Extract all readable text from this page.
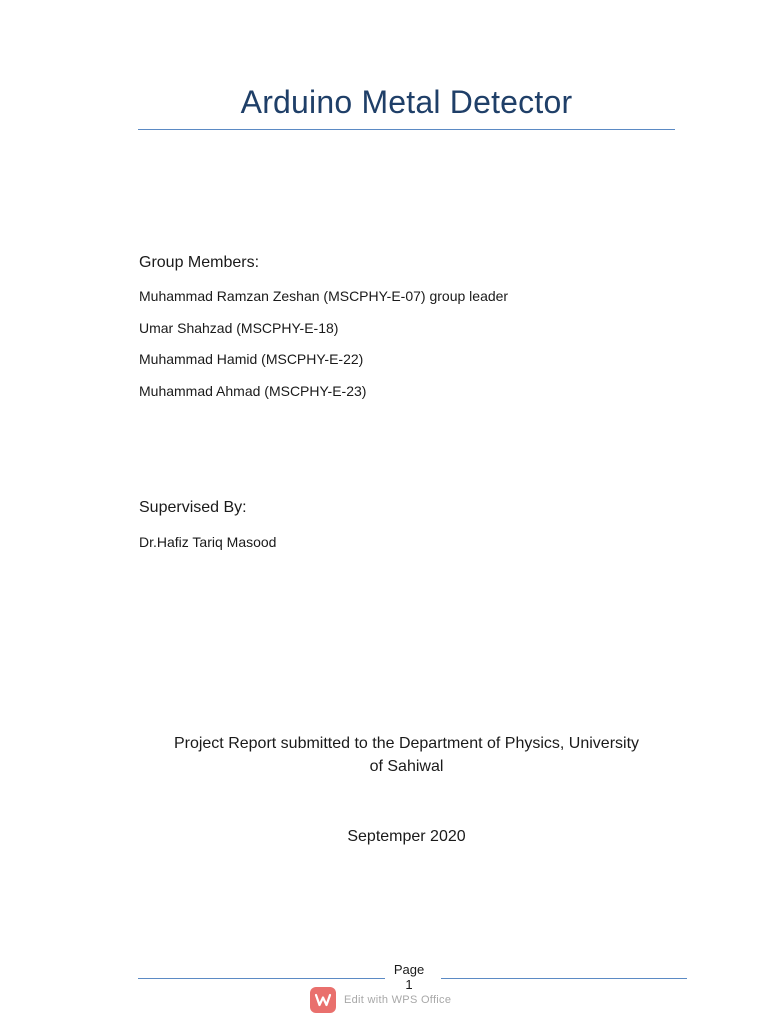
Arduino Metal Detector
Group Members:
Muhammad Ramzan Zeshan (MSCPHY-E-07) group leader
Umar Shahzad (MSCPHY-E-18)
Muhammad Hamid (MSCPHY-E-22)
Muhammad Ahmad (MSCPHY-E-23)
Supervised By:
Dr.Hafiz Tariq Masood
Project Report submitted to the Department of Physics, University
of Sahiwal
Septemper 2020
Page
1
Edit with WPS Office
